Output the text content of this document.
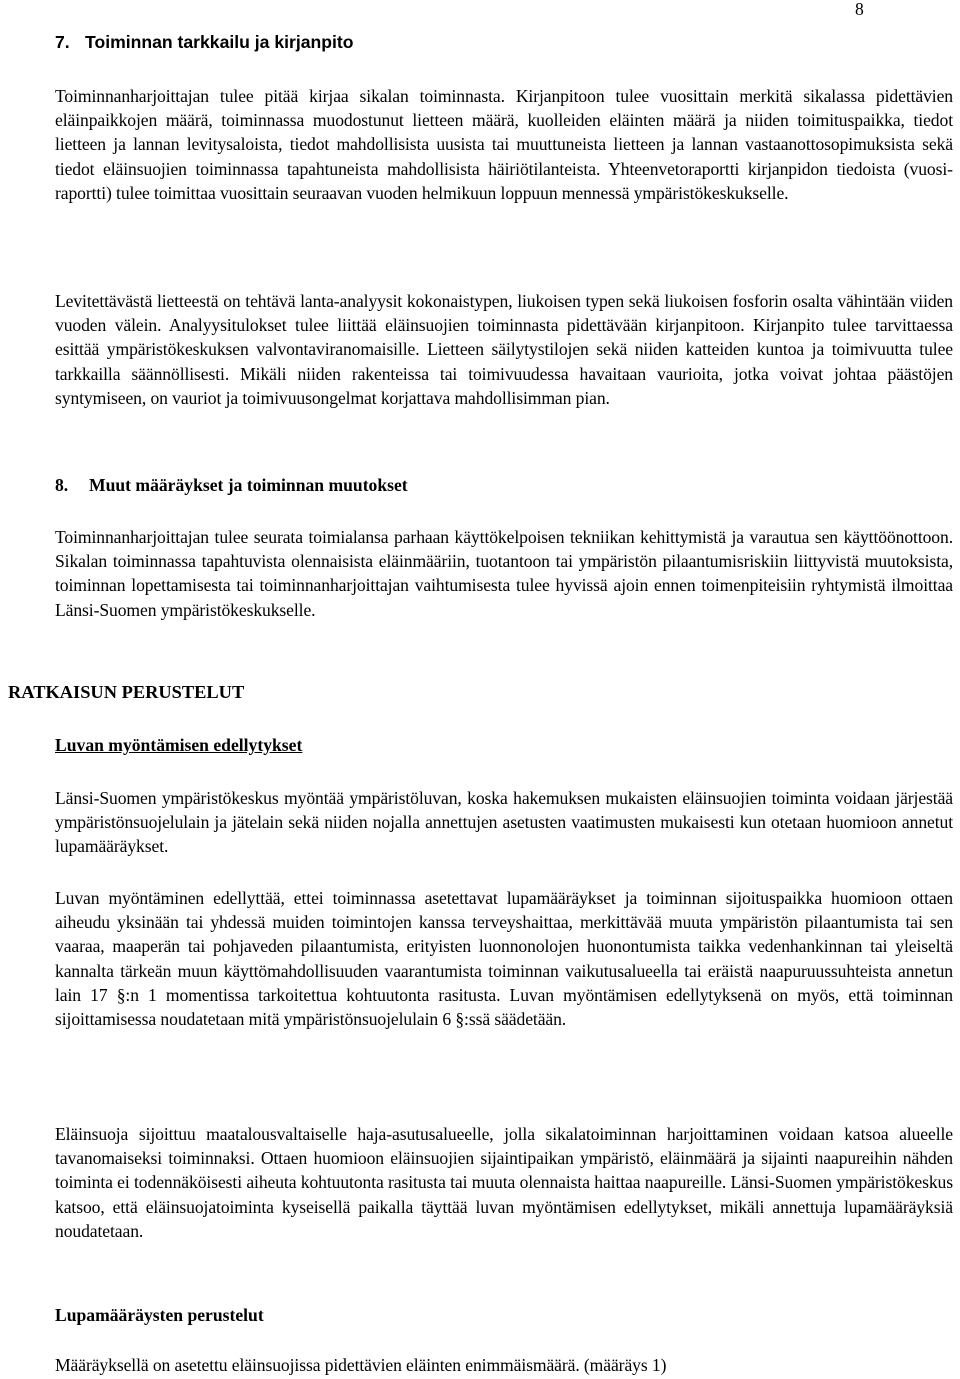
8
7. Toiminnan tarkkailu ja kirjanpito

Toiminnanharjoittajan tulee pitää kirjaa sikalan toiminnasta. Kirjanpitoon tulee vuosittain merkitä sikalassa pidettävien eläinpaikkojen määrä, toiminnassa muodostunut lietteen määrä, kuolleiden eläinten määrä ja niiden toimituspaikka, tiedot lietteen ja lannan levitysaloista, tiedot mahdollisista uusista tai muuttuneista lietteen ja lannan vastaanottosopimuksista sekä tiedot eläinsuojien toiminnassa tapahtuneista mahdollisista häiriötilanteista. Yhteenvetoraportti kirjanpidon tiedoista (vuosiraportti) tulee toimittaa vuosittain seuraavan vuoden helmikuun loppuun mennessä ympäristökeskukselle.

Levitettävästä lietteestä on tehtävä lanta-analyysit kokonaistypen, liukoisen typen sekä liukoisen fosforin osalta vähintään viiden vuoden välein. Analyysitulokset tulee liittää eläinsuojien toiminnasta pidettävään kirjanpitoon. Kirjanpito tulee tarvittaessa esittää ympäristökeskuksen valvontaviranomaisille. Lietteen säilytystilojen sekä niiden katteiden kuntoa ja toimivuutta tulee tarkkailla säännöllisesti. Mikäli niiden rakenteissa tai toimivuudessa havaitaan vaurioita, jotka voivat johtaa päästöjen syntymiseen, on vauriot ja toimivuusongelmat korjattava mahdollisimman pian.

8. Muut määräykset ja toiminnan muutokset

Toiminnanharjoittajan tulee seurata toimialansa parhaan käyttökelpoisen tekniikan kehittymistä ja varautua sen käyttöönottoon. Sikalan toiminnassa tapahtuvista olennaisista eläinmääriin, tuotantoon tai ympäristön pilaantumisriskiin liittyvistä muutoksista, toiminnan lopettamisesta tai toiminnanharjoittajan vaihtumisesta tulee hyvissä ajoin ennen toimenpiteisiin ryhtymistä ilmoittaa Länsi-Suomen ympäristökeskukselle.

RATKAISUN PERUSTELUT
Luvan myöntämisen edellytykset

Länsi-Suomen ympäristökeskus myöntää ympäristöluvan, koska hakemuksen mukaisten eläinsuojien toiminta voidaan järjestää ympäristönsuojelulain ja jätelain sekä niiden nojalla annettujen asetusten vaatimusten mukaisesti kun otetaan huomioon annetut lupamääräykset.

Luvan myöntäminen edellyttää, ettei toiminnassa asetettavat lupamääräykset ja toiminnan sijoituspaikka huomioon ottaen aiheudu yksinään tai yhdessä muiden toimintojen kanssa terveyshaittaa, merkittävää muuta ympäristön pilaantumista tai sen vaaraa, maaperän tai pohjaveden pilaantumista, erityisten luonnonolojen huonontumista taikka vedenhankinnan tai yleiseltä kannalta tärkeän muun käyttömahdollisuuden vaarantumista toiminnan vaikutusalueella tai eräistä naapuruussuhteista annetun lain 17 §:n 1 momentissa tarkoitettua kohtuutonta rasitusta. Luvan myöntämisen edellytyksenä on myös, että toiminnan sijoittamisessa noudatetaan mitä ympäristönsuojelulain 6 §:ssä säädetään.

Eläinsuoja sijoittuu maatalousvaltaiselle haja-asutusalueelle, jolla sikalatoiminnan harjoittaminen voidaan katsoa alueelle tavanomaiseksi toiminnaksi. Ottaen huomioon eläinsuojien sijaintipaikan ympäristö, eläinmäärä ja sijainti naapureihin nähden toiminta ei todennäköisesti aiheuta kohtuutonta rasitusta tai muuta olennaista haittaa naapureille. Länsi-Suomen ympäristökeskus katsoo, että eläinsuojatoiminta kyseisellä paikalla täyttää luvan myöntämisen edellytykset, mikäli annettuja lupamääräyksiä noudatetaan.

Lupamääräysten perustelut

Määräyksellä on asetettu eläinsuojissa pidettävien eläinten enimmäismäärä. (määräys 1)
